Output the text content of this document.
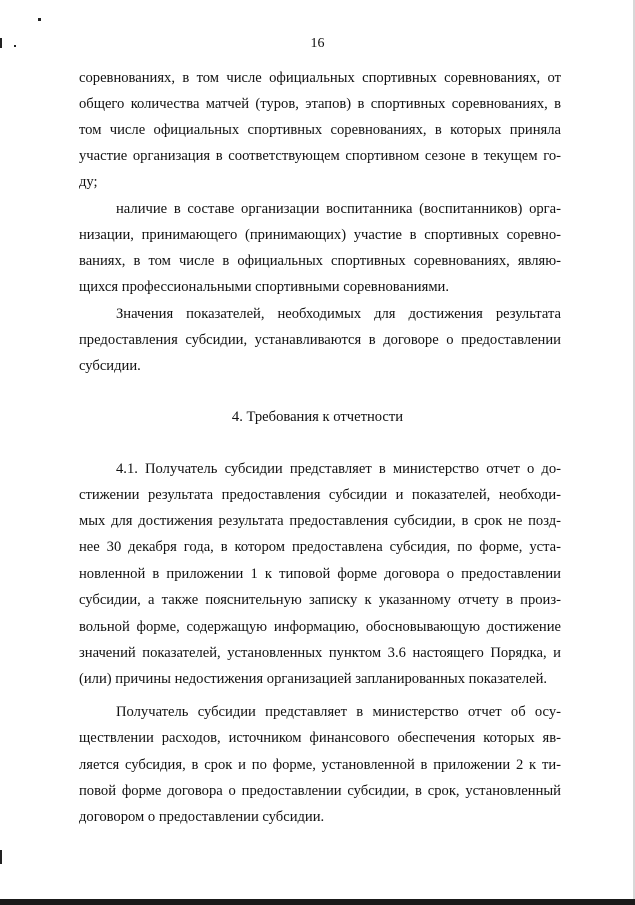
16
соревнованиях, в том числе официальных спортивных соревнованиях, от
общего количества матчей (туров, этапов) в спортивных соревнованиях, в
том числе официальных спортивных соревнованиях, в которых приняла
участие организация в соответствующем спортивном сезоне в текущем го-
ду;
наличие в составе организации воспитанника (воспитанников) орга-
низации, принимающего (принимающих) участие в спортивных соревно-
ваниях, в том числе в официальных спортивных соревнованиях, являю-
щихся профессиональными спортивными соревнованиями.
Значения показателей, необходимых для достижения результата
предоставления субсидии, устанавливаются в договоре о предоставлении
субсидии.
4. Требования к отчетности
4.1. Получатель субсидии представляет в министерство отчет о до-
стижении результата предоставления субсидии и показателей, необходи-
мых для достижения результата предоставления субсидии, в срок не позд-
нее 30 декабря года, в котором предоставлена субсидия, по форме, уста-
новленной в приложении 1 к типовой форме договора о предоставлении
субсидии, а также пояснительную записку к указанному отчету в произ-
вольной форме, содержащую информацию, обосновывающую достижение
значений показателей, установленных пунктом 3.6 настоящего Порядка, и
(или) причины недостижения организацией запланированных показателей.
Получатель субсидии представляет в министерство отчет об осу-
ществлении расходов, источником финансового обеспечения которых яв-
ляется субсидия, в срок и по форме, установленной в приложении 2 к ти-
повой форме договора о предоставлении субсидии, в срок, установленный
договором о предоставлении субсидии.
